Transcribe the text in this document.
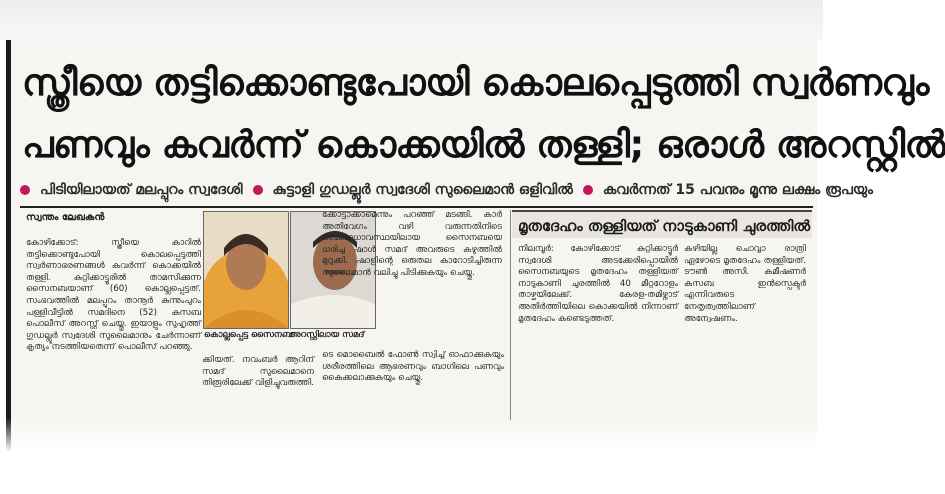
സ്ത്രീയെ തട്ടിക്കൊണ്ടുപോയി കൊലപ്പെടുത്തി സ്വർണവും
പണവും കവർന്ന് കൊക്കയിൽ തള്ളി; ഒരാൾ അറസ്റ്റിൽ
പിടിയിലായത് മലപ്പുറം സ്വദേശി കുട്ടാളി ഗുഡല്ലൂർ സ്വദേശി സുലൈമാൻ ഒളിവിൽ കവർന്നത് 15 പവനും മൂന്നു ലക്ഷം രൂപയും
സ്വന്തം ലേഖകൻ
കോഴിക്കോട്: സ്ത്രീയെ കാറിൽ തട്ടിക്കൊണ്ടുപോയി കൊലപ്പെടുത്തി സ്വർണാഭരണങ്ങൾ കവർന്ന് കൊക്കയിൽ തള്ളി. കുറ്റിക്കാട്ടൂരിൽ താമസിക്കുന്ന സൈനബയാണ് (60) കൊല്ലപ്പെട്ടത്. സംഭവത്തിൽ മലപ്പുറം താനൂർ കുന്നുംപുറം പള്ളിവീട്ടിൽ സമദിനെ (52) കസബ പൊലീസ് അറസ്റ്റ് ചെയ്തു. ഇയാളും സുഹൃത്ത് ഗുഡല്ലൂർ സ്വദേശി സുലൈമാനും ചേർന്നാണ് കൃത്യം നടത്തിയതെന്ന് പൊലീസ് പറഞ്ഞു.
കൊല്ലപ്പെട്ട സൈനബ
അറസ്റ്റിലായ സമദ്
ക്കോട്ടാക്കാമെന്നും പറഞ്ഞ് മടങ്ങി. കാർ അതിവേഗം വഴി വരുന്നതിനിടെ അബോധാവസ്ഥയിലായ സൈനബയെ ധരിച്ച ഷാൾ സമദ് അവരുടെ കഴുത്തിൽ മുറുക്കി. ഷാളിന്റെ ഒരുതല കാറോടിച്ചിരുന്ന സുലൈമാൻ വലിച്ചു പിടിക്കുകയും ചെയ്തു.
ക്കിയത്. നവംബർ ആറിന് സമദ് സുലൈമാനെ തിരൂരിലേക്ക് വിളിച്ചുവരുത്തി.
ടെ മൊബൈൽ ഫോൺ സ്വിച്ച് ഓഫാക്കുകയും ശരീരത്തിലെ ആഭരണവും ബാഗിലെ പണവും കൈക്കലാക്കുകയും ചെയ്തു.
മൃതദേഹം തള്ളിയത് നാടുകാണി ചുരത്തിൽ
നിലമ്പൂർ: കോഴിക്കോട് കുറ്റിക്കാട്ടൂർ സ്വദേശി അടക്കേരിപ്പൊയിൽ സൈനബയുടെ മൃതദേഹം തള്ളിയത് നാടുകാണി ചുരത്തിൽ 40 മീറ്ററോളം താഴ്ചയിലേക്ക്. കേരള-തമിഴ്നാട് അതിർത്തിയിലെ കൊക്കയിൽ നിന്നാണ് മൃതദേഹം കണ്ടെടുത്തത്.
കഴിയില്ല ചൊവ്വാ രാത്രി ഏഴോടെ മൃതദേഹം തള്ളിയത്. ടൗൺ അസി. കമീഷണർ കസബ ഇൻസ്പെക്ടർ എന്നിവരുടെ നേതൃത്വത്തിലാണ് അന്വേഷണം.
